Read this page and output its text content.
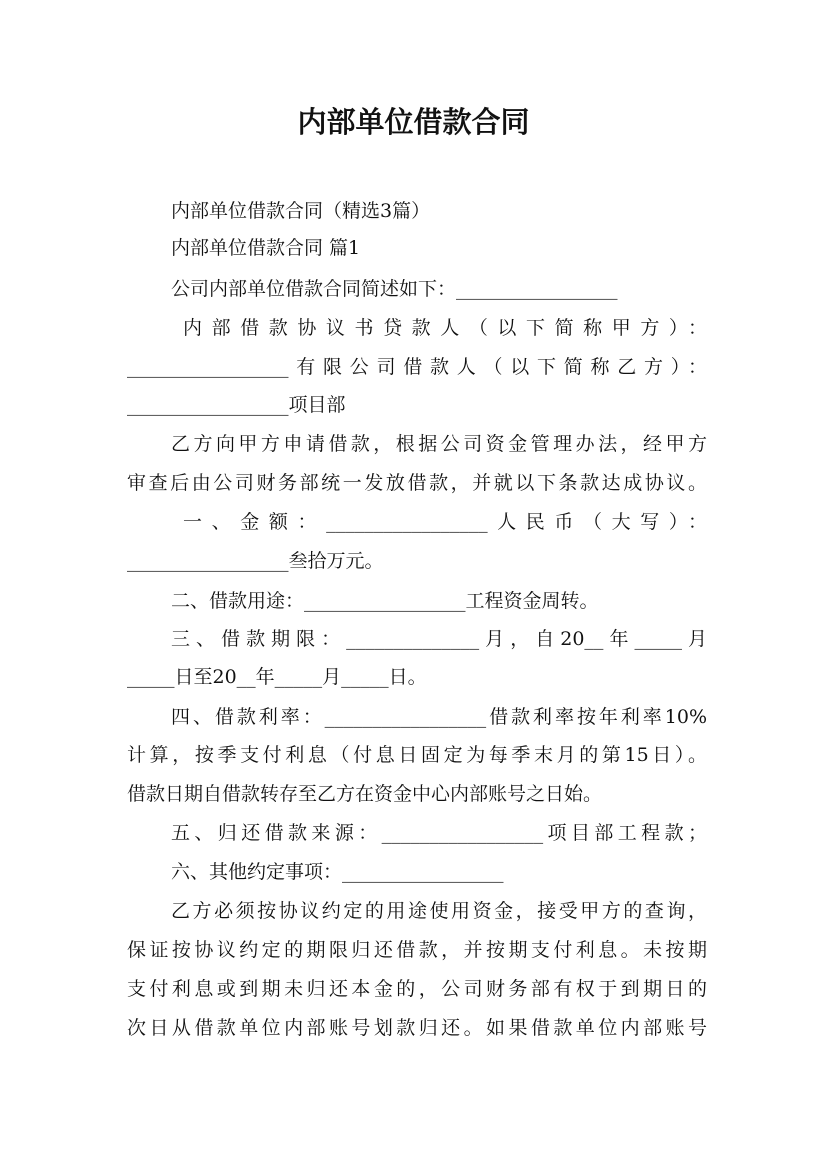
内部单位借款合同
内部单位借款合同（精选3篇）
内部单位借款合同 篇1
公司内部单位借款合同简述如下：_________________
内部借款协议书贷款人（以下简称甲方）：
_________________有限公司借款人（以下简称乙方）：
_________________项目部
乙方向甲方申请借款，根据公司资金管理办法，经甲方
审查后由公司财务部统一发放借款，并就以下条款达成协议。
一、金额：_________________人民币（大写）：
_________________叁拾万元。
二、借款用途：_________________工程资金周转。
三、借款期限：______________月，自20__年_____月
_____日至20__年_____月_____日。
四、借款利率：_________________借款利率按年利率10%
计算，按季支付利息（付息日固定为每季末月的第15日）。
借款日期自借款转存至乙方在资金中心内部账号之日始。
五、归还借款来源：_________________项目部工程款；
六、其他约定事项：_________________
乙方必须按协议约定的用途使用资金，接受甲方的查询，
保证按协议约定的期限归还借款，并按期支付利息。未按期
支付利息或到期未归还本金的，公司财务部有权于到期日的
次日从借款单位内部账号划款归还。如果借款单位内部账号
